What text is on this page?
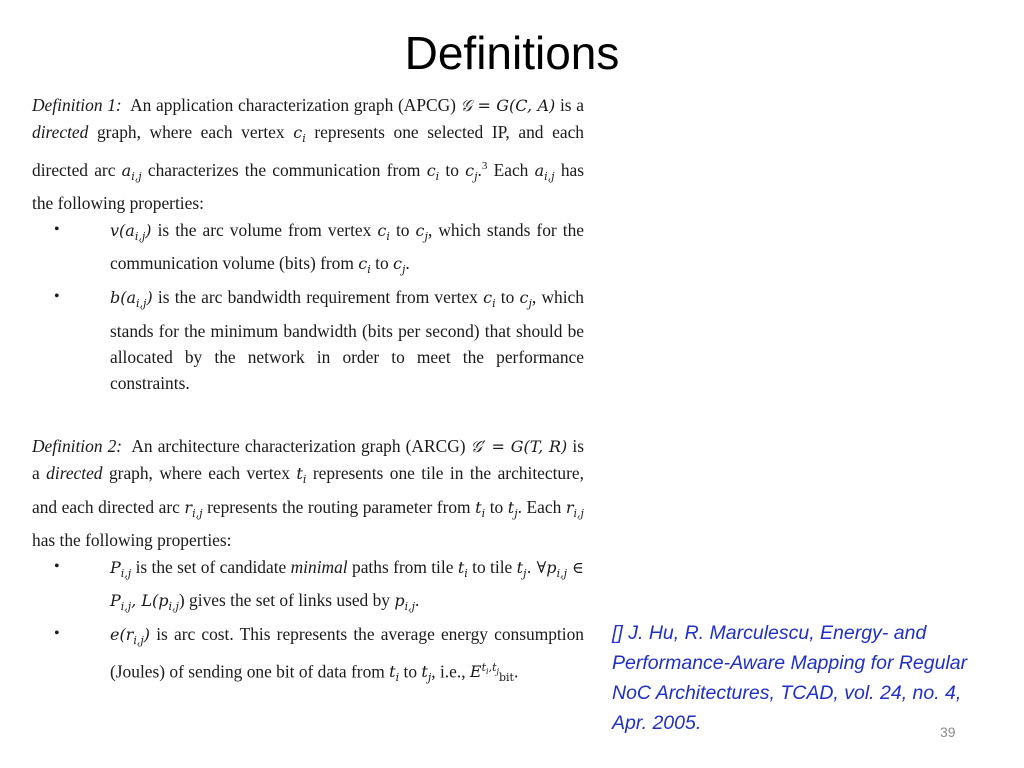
Definitions

Definition 1: An application characterization graph (APCG) 𝒢 = G(C, A) is a directed graph, where each vertex $c_i$ represents one selected IP, and each directed arc $a_{i,j}$ characterizes the communication from $c_i$ to $c_j.^3$ Each $a_{i,j}$ has the following properties:

• $v(a_{i,j})$ is the arc volume from vertex $c_i$ to $c_j$, which stands for the communication volume (bits) from $c_i$ to $c_j$.
• $b(a_{i,j})$ is the arc bandwidth requirement from vertex $c_i$ to $c_j$, which stands for the minimum bandwidth (bits per second) that should be allocated by the network in order to meet the performance constraints.

Definition 2: An architecture characterization graph (ARCG) 𝒢′ = G(T, R) is a directed graph, where each vertex $t_i$ represents one tile in the architecture, and each directed arc $r_{i,j}$ represents the routing parameter from $t_i$ to $t_j$. Each $r_{i,j}$ has the following properties:

• $P_{i,j}$ is the set of candidate minimal paths from tile $t_i$ to tile $t_j$. $\forall p_{i,j}$ ∈ $P_{i,j}$, $L(p_{i,j})$ gives the set of links used by $p_{i,j}$.
• $e(r_{i,j})$ is arc cost. This represents the average energy consumption (Joules) of sending one bit of data from $t_i$ to $t_j$, i.e., $E^{t_i,t_j}_{bit}$.
[] J. Hu, R. Marculescu, Energy- and Performance-Aware Mapping for Regular NoC Architectures, TCAD, vol. 24, no. 4, Apr. 2005.	39
